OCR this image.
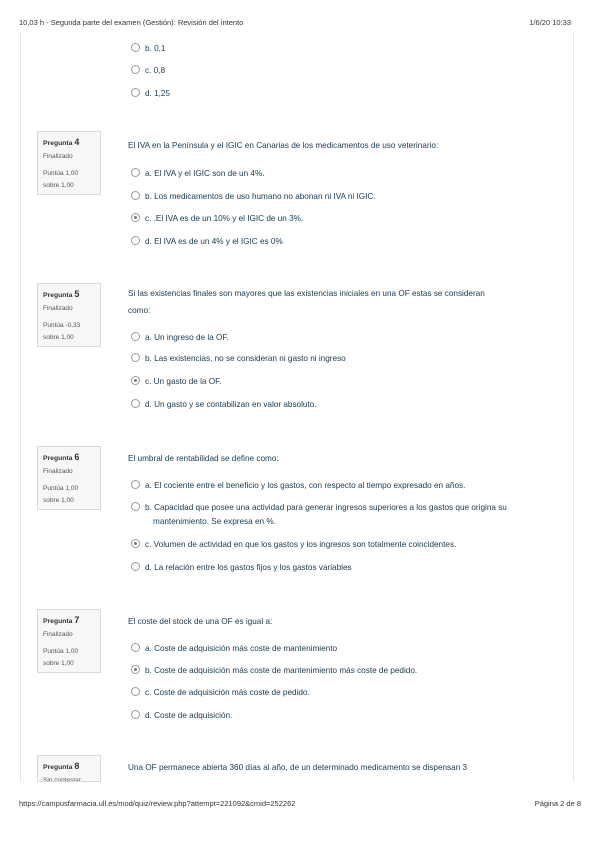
10,03 h - Segunda parte del examen (Gestión): Revisión del intento	1/6/20 10:33
b. 0,1
c. 0,8
d. 1,25
Pregunta 4
Finalizado
Puntúa 1,00
sobre 1,00
El IVA en la Península y el IGIC en Canarias de los medicamentos de uso veterinario:
a. El IVA y el IGIC son de un 4%.
b. Los medicamentos de uso humano no abonan ni IVA ni IGIC.
c. .El IVA es de un 10% y el IGIC de un 3%.
d. El IVA es de un 4% y el IGIC es 0%
Pregunta 5
Finalizado
Puntúa -0,33
sobre 1,00
Si las existencias finales son mayores que las existencias iniciales en una OF estas se consideran
como:
a. Un ingreso de la OF.
b. Las existencias, no se consideran ni gasto ni ingreso
c. Un gasto de la OF.
d. Un gasto y se contabilizan en valor absoluto.
Pregunta 6
Finalizado
Puntúa 1,00
sobre 1,00
El umbral de rentabilidad se define como:
a. El cociente entre el beneficio y los gastos, con respecto al tiempo expresado en años.
b. Capacidad que posee una actividad para generar ingresos superiores a los gastos que origina su
mantenimiento. Se expresa en %.
c. Volumen de actividad en que los gastos y los ingresos son totalmente coincidentes.
d. La relación entre los gastos fijos y los gastos variables
Pregunta 7
Finalizado
Puntúa 1,00
sobre 1,00
El coste del stock de una OF es igual a:
a. Coste de adquisición más coste de mantenimiento
b. Coste de adquisición más coste de mantenimiento más coste de pedido.
c. Coste de adquisición más coste de pedido.
d. Coste de adquisición.
Pregunta 8
Sin contestar
Una OF permanece abierta 360 días al año, de un determinado medicamento se dispensan 3
https://campusfarmacia.ull.es/mod/quiz/review.php?attempt=221092&cmid=252262	Página 2 de 8
